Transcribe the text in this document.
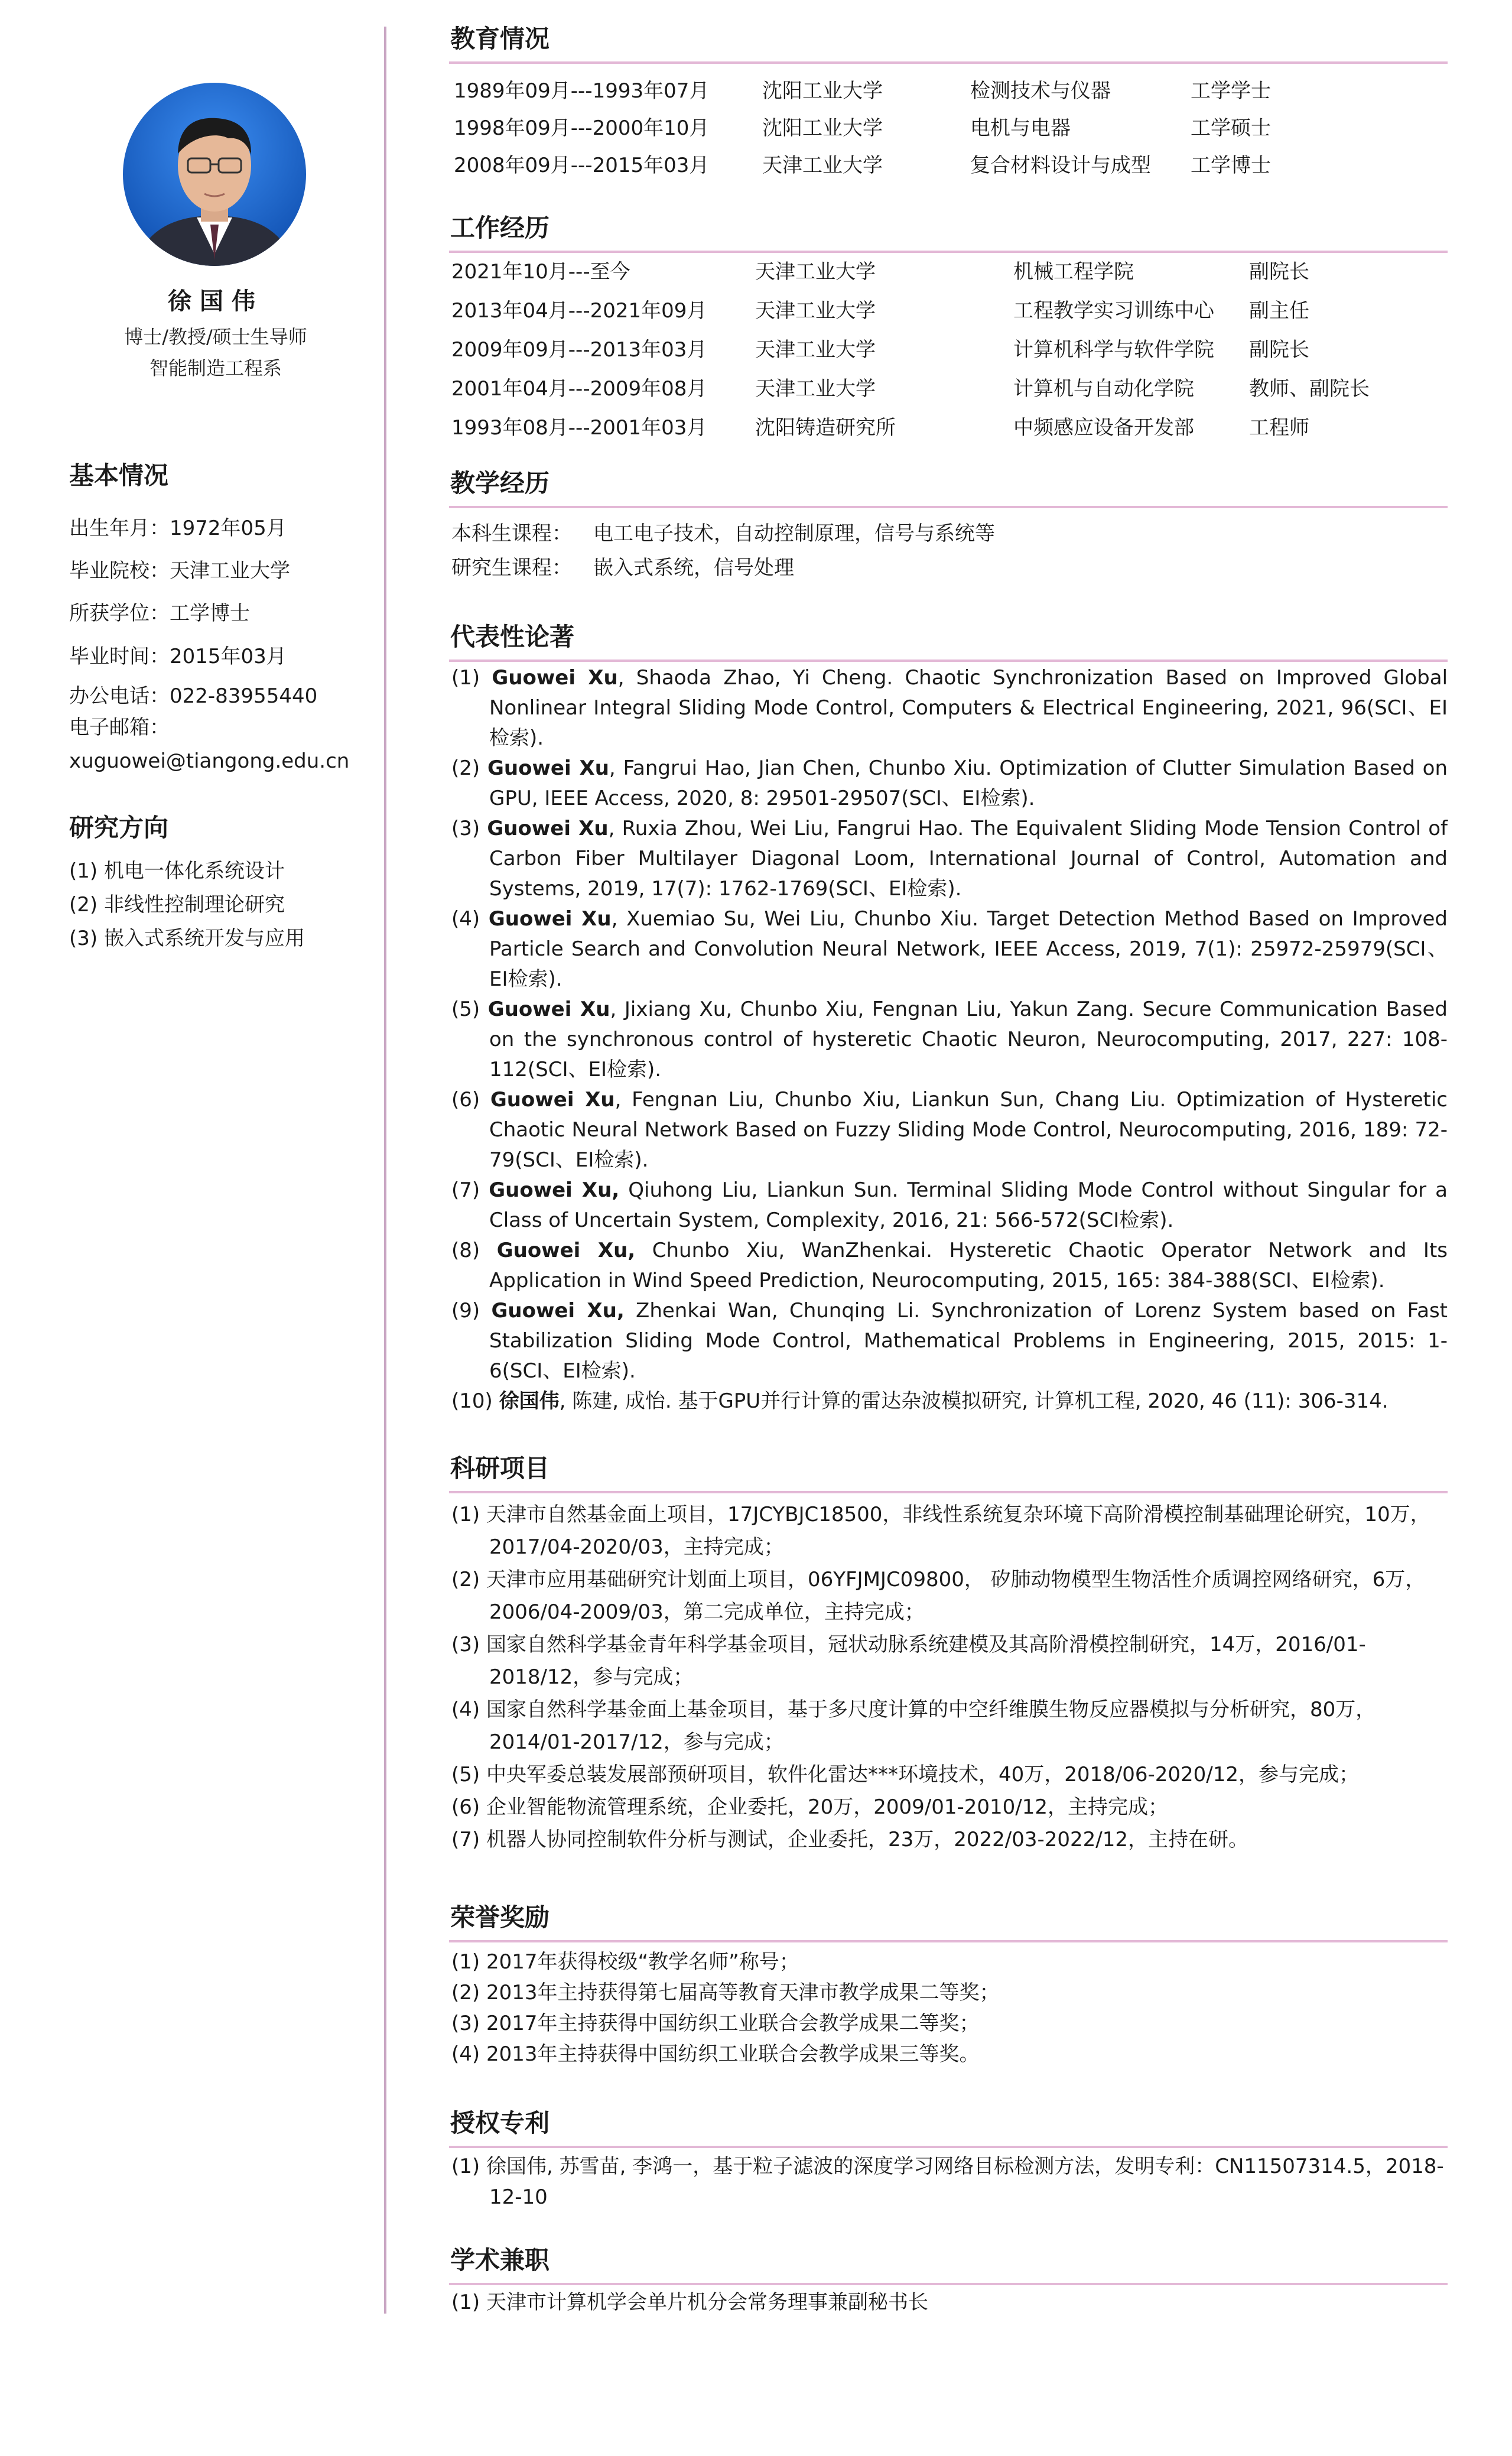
徐国伟
博士/教授/硕士生导师
智能制造工程系
基本情况
出生年月：1972年05月
毕业院校：天津工业大学
所获学位：工学博士
毕业时间：2015年03月
办公电话：022-83955440
电子邮箱：
xuguowei@tiangong.edu.cn
研究方向
(1) 机电一体化系统设计
(2) 非线性控制理论研究
(3) 嵌入式系统开发与应用
教育情况
1989年09月---1993年07月	沈阳工业大学	检测技术与仪器	工学学士
1998年09月---2000年10月	沈阳工业大学	电机与电器	工学硕士
2008年09月---2015年03月	天津工业大学	复合材料设计与成型 工学博士
工作经历
2021年10月---至今	天津工业大学	机械工程学院	副院长
2013年04月---2021年09月 天津工业大学	工程教学实习训练中心 副主任
2009年09月---2013年03月 天津工业大学	计算机科学与软件学院 副院长
2001年04月---2009年08月 天津工业大学	计算机与自动化学院	教师、副院长
1993年08月---2001年03月 沈阳铸造研究所	中频感应设备开发部	工程师
教学经历
本科生课程： 电工电子技术，自动控制原理，信号与系统等
研究生课程： 嵌入式系统，信号处理
代表性论著
(1) Guowei Xu, Shaoda Zhao, Yi Cheng. Chaotic Synchronization Based on Improved Global Nonlinear Integral Sliding Mode Control, Computers & Electrical Engineering, 2021, 96(SCI、EI检索).
(2) Guowei Xu, Fangrui Hao, Jian Chen, Chunbo Xiu. Optimization of Clutter Simulation Based on GPU, IEEE Access, 2020, 8: 29501-29507(SCI、EI检索).
(3) Guowei Xu, Ruxia Zhou, Wei Liu, Fangrui Hao. The Equivalent Sliding Mode Tension Control of Carbon Fiber Multilayer Diagonal Loom, International Journal of Control, Automation and Systems, 2019, 17(7): 1762-1769(SCI、EI检索).
(4) Guowei Xu, Xuemiao Su, Wei Liu, Chunbo Xiu. Target Detection Method Based on Improved Particle Search and Convolution Neural Network, IEEE Access, 2019, 7(1): 25972-25979(SCI、EI检索).
(5) Guowei Xu, Jixiang Xu, Chunbo Xiu, Fengnan Liu, Yakun Zang. Secure Communication Based on the synchronous control of hysteretic Chaotic Neuron, Neurocomputing, 2017, 227: 108-112(SCI、EI检索).
(6) Guowei Xu, Fengnan Liu, Chunbo Xiu, Liankun Sun, Chang Liu. Optimization of Hysteretic Chaotic Neural Network Based on Fuzzy Sliding Mode Control, Neurocomputing, 2016, 189: 72-79(SCI、EI检索).
(7) Guowei Xu, Qiuhong Liu, Liankun Sun. Terminal Sliding Mode Control without Singular for a Class of Uncertain System, Complexity, 2016, 21: 566-572(SCI检索).
(8) Guowei Xu, Chunbo Xiu, WanZhenkai. Hysteretic Chaotic Operator Network and Its Application in Wind Speed Prediction, Neurocomputing, 2015, 165: 384-388(SCI、EI检索).
(9) Guowei Xu, Zhenkai Wan, Chunqing Li. Synchronization of Lorenz System based on Fast Stabilization Sliding Mode Control, Mathematical Problems in Engineering, 2015, 2015: 1-6(SCI、EI检索).
(10) 徐国伟, 陈建, 成怡. 基于GPU并行计算的雷达杂波模拟研究, 计算机工程, 2020, 46 (11): 306-314.
科研项目
(1) 天津市自然基金面上项目，17JCYBJC18500，非线性系统复杂环境下高阶滑模控制基础理论研究，10万，2017/04-2020/03，主持完成；
(2) 天津市应用基础研究计划面上项目，06YFJMJC09800， 矽肺动物模型生物活性介质调控网络研究，6万，2006/04-2009/03，第二完成单位，主持完成；
(3) 国家自然科学基金青年科学基金项目，冠状动脉系统建模及其高阶滑模控制研究，14万，2016/01-2018/12，参与完成；
(4) 国家自然科学基金面上基金项目，基于多尺度计算的中空纤维膜生物反应器模拟与分析研究，80万，2014/01-2017/12，参与完成；
(5) 中央军委总装发展部预研项目，软件化雷达***环境技术，40万，2018/06-2020/12，参与完成；
(6) 企业智能物流管理系统，企业委托，20万，2009/01-2010/12，主持完成；
(7) 机器人协同控制软件分析与测试，企业委托，23万，2022/03-2022/12，主持在研。
荣誉奖励
(1) 2017年获得校级“教学名师”称号；
(2) 2013年主持获得第七届高等教育天津市教学成果二等奖；
(3) 2017年主持获得中国纺织工业联合会教学成果二等奖；
(4) 2013年主持获得中国纺织工业联合会教学成果三等奖。
授权专利
(1) 徐国伟, 苏雪苗, 李鸿一，基于粒子滤波的深度学习网络目标检测方法，发明专利：CN11507314.5，2018-12-10
学术兼职
(1) 天津市计算机学会单片机分会常务理事兼副秘书长
